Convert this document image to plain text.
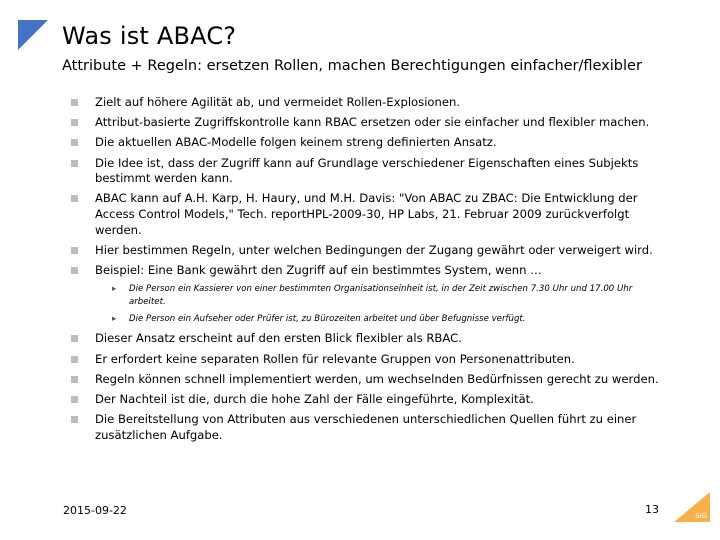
Was ist ABAC?
Attribute + Regeln: ersetzen Rollen, machen Berechtigungen einfacher/flexibler
Zielt auf höhere Agilität ab, und vermeidet Rollen-Explosionen.
Attribut-basierte Zugriffskontrolle kann RBAC ersetzen oder sie einfacher und flexibler machen.
Die aktuellen ABAC-Modelle folgen keinem streng definierten Ansatz.
Die Idee ist, dass der Zugriff kann auf Grundlage verschiedener Eigenschaften eines Subjekts bestimmt werden kann.
ABAC kann auf A.H. Karp, H. Haury, und M.H. Davis: "Von ABAC zu ZBAC: Die Entwicklung der Access Control Models," Tech. reportHPL-2009-30, HP Labs, 21. Februar 2009 zurückverfolgt werden.
Hier bestimmen Regeln, unter welchen Bedingungen der Zugang gewährt oder verweigert wird.
Beispiel: Eine Bank gewährt den Zugriff auf ein bestimmtes System, wenn …
▸ Die Person ein Kassierer von einer bestimmten Organisationseinheit ist, in der Zeit zwischen 7.30 Uhr und 17.00 Uhr arbeitet.
▸ Die Person ein Aufseher oder Prüfer ist, zu Bürozeiten arbeitet und über Befugnisse verfügt.
Dieser Ansatz erscheint auf den ersten Blick flexibler als RBAC.
Er erfordert keine separaten Rollen für relevante Gruppen von Personenattributen.
Regeln können schnell implementiert werden, um wechselnden Bedürfnissen gerecht zu werden.
Der Nachteil ist die, durch die hohe Zahl der Fälle eingeführte, Komplexität.
Die Bereitstellung von Attributen aus verschiedenen unterschiedlichen Quellen führt zu einer zusätzlichen Aufgabe.
2015-09-22	13	SiG
